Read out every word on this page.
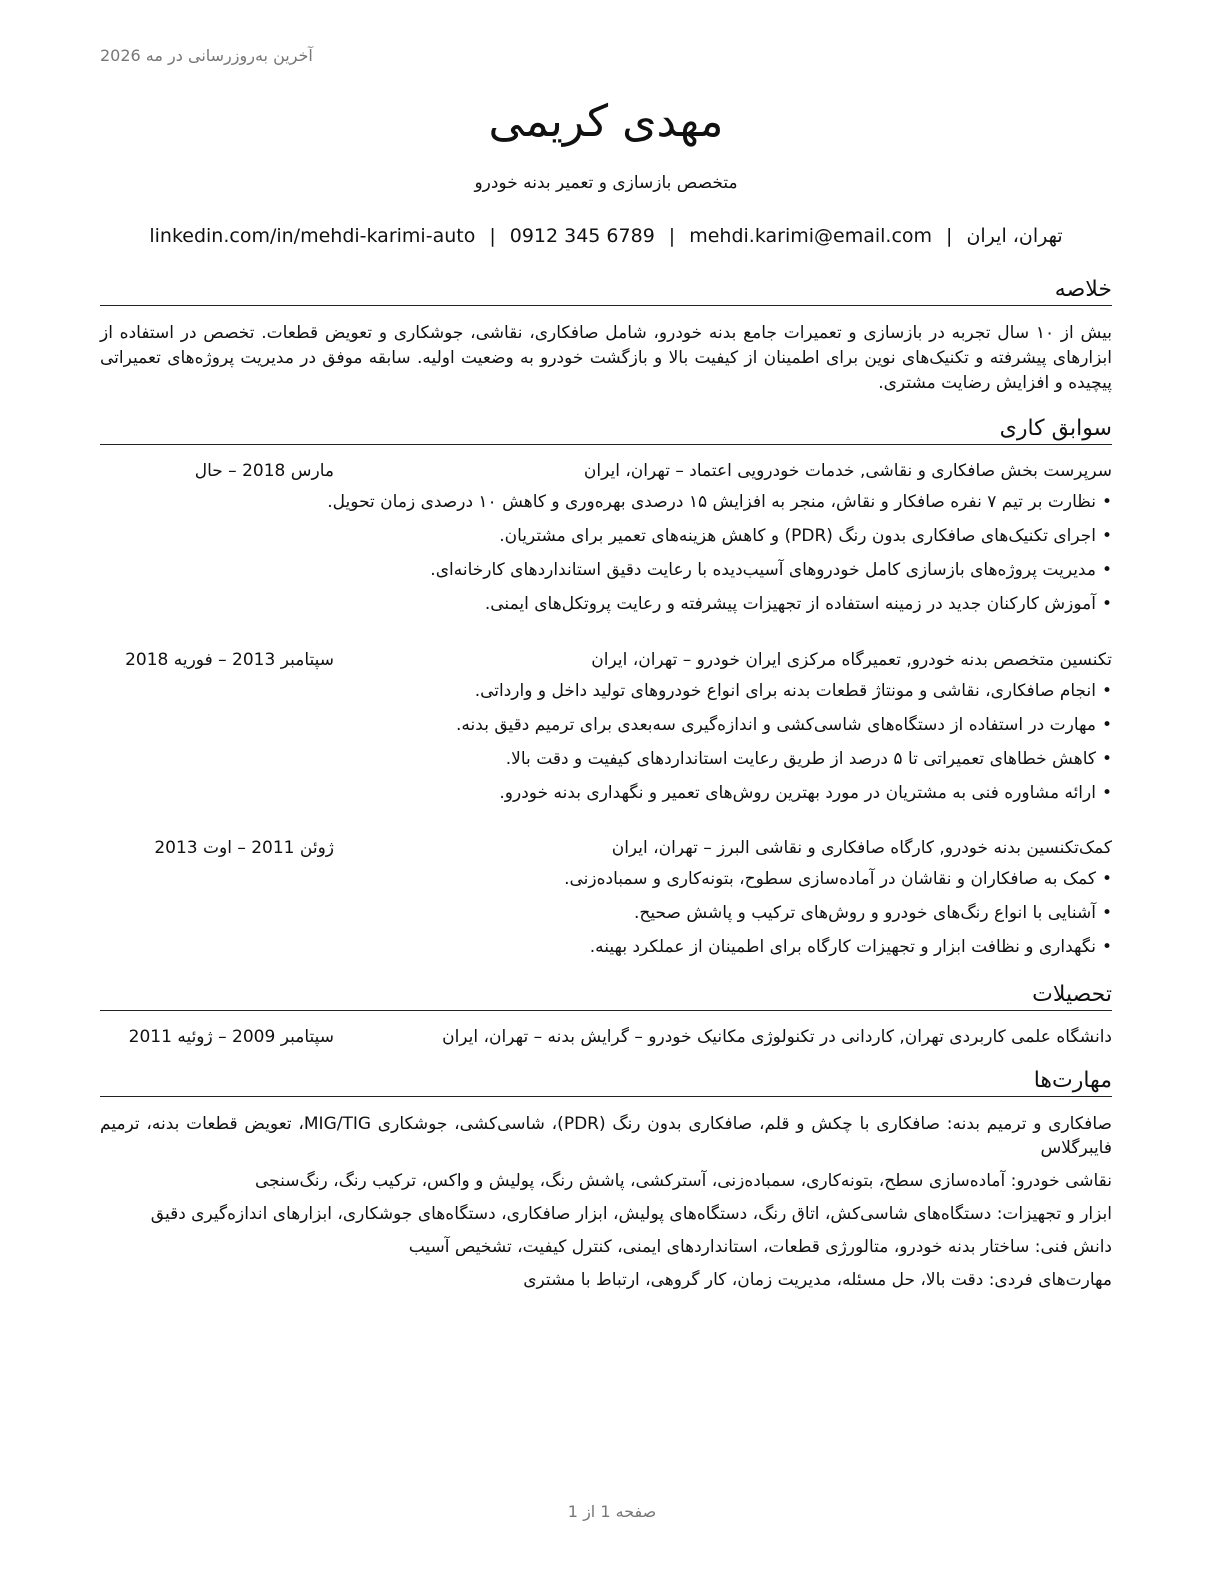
آخرین به‌روزرسانی در مه 2026
مهدی کریمی
متخصص بازسازی و تعمیر بدنه خودرو
تهران، ایران|mehdi.karimi@email.com|0912 345 6789|linkedin.com/in/mehdi-karimi-auto
خلاصه
بیش از ۱۰ سال تجربه در بازسازی و تعمیرات جامع بدنه خودرو، شامل صافکاری، نقاشی، جوشکاری و تعویض قطعات. تخصص در استفاده از ابزارهای پیشرفته و تکنیک‌های نوین برای اطمینان از کیفیت بالا و بازگشت خودرو به وضعیت اولیه. سابقه موفق در مدیریت پروژه‌های تعمیراتی پیچیده و افزایش رضایت مشتری.
سوابق کاری
سرپرست بخش صافکاری و نقاشی, خدمات خودرویی اعتماد – تهران، ایران
مارس 2018 – حال
•نظارت بر تیم ۷ نفره صافکار و نقاش، منجر به افزایش ۱۵ درصدی بهره‌وری و کاهش ۱۰ درصدی زمان تحویل.
•اجرای تکنیک‌های صافکاری بدون رنگ (PDR) و کاهش هزینه‌های تعمیر برای مشتریان.
•مدیریت پروژه‌های بازسازی کامل خودروهای آسیب‌دیده با رعایت دقیق استانداردهای کارخانه‌ای.
•آموزش کارکنان جدید در زمینه استفاده از تجهیزات پیشرفته و رعایت پروتکل‌های ایمنی.
تکنسین متخصص بدنه خودرو, تعمیرگاه مرکزی ایران خودرو – تهران، ایران
سپتامبر 2013 – فوریه 2018
•انجام صافکاری، نقاشی و مونتاژ قطعات بدنه برای انواع خودروهای تولید داخل و وارداتی.
•مهارت در استفاده از دستگاه‌های شاسی‌کشی و اندازه‌گیری سه‌بعدی برای ترمیم دقیق بدنه.
•کاهش خطاهای تعمیراتی تا ۵ درصد از طریق رعایت استانداردهای کیفیت و دقت بالا.
•ارائه مشاوره فنی به مشتریان در مورد بهترین روش‌های تعمیر و نگهداری بدنه خودرو.
کمک‌تکنسین بدنه خودرو, کارگاه صافکاری و نقاشی البرز – تهران، ایران
ژوئن 2011 – اوت 2013
•کمک به صافکاران و نقاشان در آماده‌سازی سطوح، بتونه‌کاری و سمباده‌زنی.
•آشنایی با انواع رنگ‌های خودرو و روش‌های ترکیب و پاشش صحیح.
•نگهداری و نظافت ابزار و تجهیزات کارگاه برای اطمینان از عملکرد بهینه.
تحصیلات
دانشگاه علمی کاربردی تهران, کاردانی در تکنولوژی مکانیک خودرو – گرایش بدنه – تهران، ایران
سپتامبر 2009 – ژوئیه 2011
مهارت‌ها
صافکاری و ترمیم بدنه: صافکاری با چکش و قلم، صافکاری بدون رنگ (PDR)، شاسی‌کشی، جوشکاری MIG/TIG، تعویض قطعات بدنه، ترمیم فایبرگلاس
نقاشی خودرو: آماده‌سازی سطح، بتونه‌کاری، سمباده‌زنی، آسترکشی، پاشش رنگ، پولیش و واکس، ترکیب رنگ، رنگ‌سنجی
ابزار و تجهیزات: دستگاه‌های شاسی‌کش، اتاق رنگ، دستگاه‌های پولیش، ابزار صافکاری، دستگاه‌های جوشکاری، ابزارهای اندازه‌گیری دقیق
دانش فنی: ساختار بدنه خودرو، متالورژی قطعات، استانداردهای ایمنی، کنترل کیفیت، تشخیص آسیب
مهارت‌های فردی: دقت بالا، حل مسئله، مدیریت زمان، کار گروهی، ارتباط با مشتری
صفحه 1 از 1
